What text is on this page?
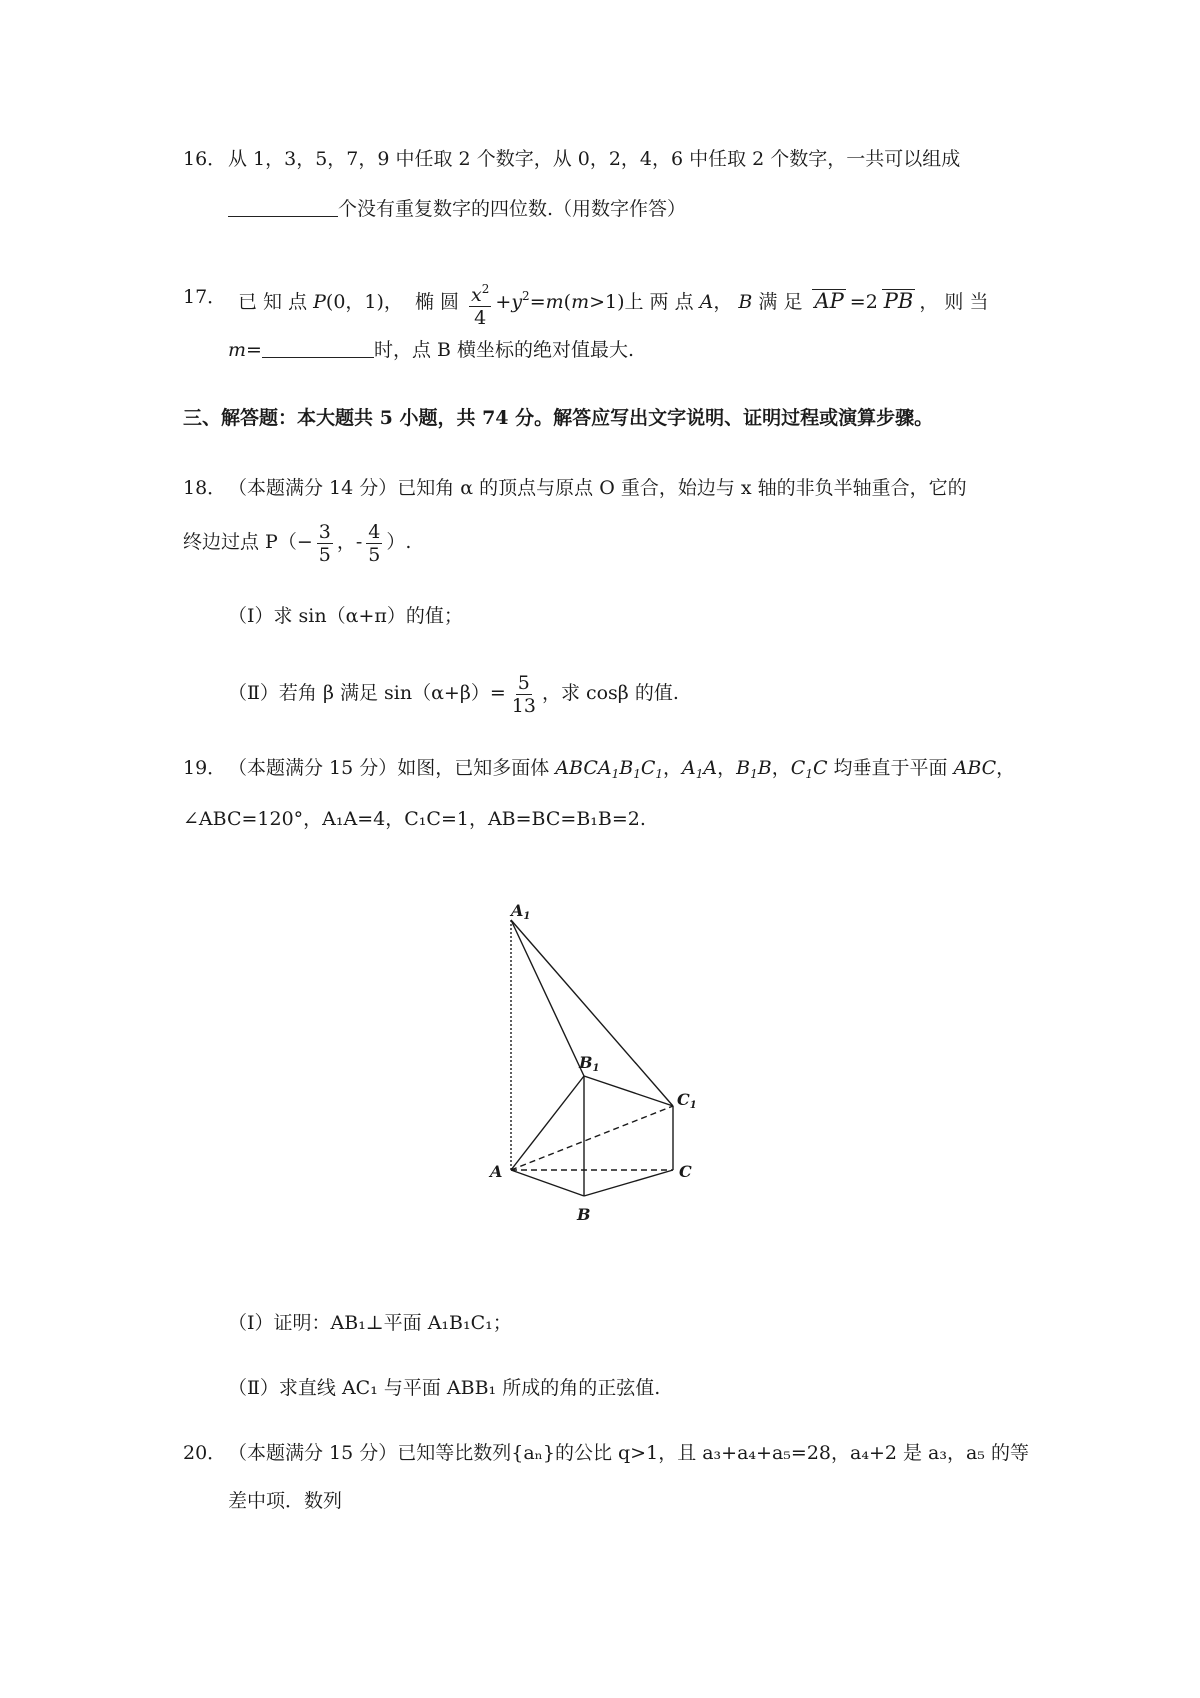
16． 从 1，3，5，7，9 中任取 2 个数字，从 0，2，4，6 中任取 2 个数字，一共可以组成
个没有重复数字的四位数.（用数字作答）
17． 已 知 点 P(0，1)， 椭 圆 $\frac{x^2}{4} +y^2=m(m>1)$上 两 点 A， B 满 足 AP =2 PB ， 则 当
m=	时，点 B 横坐标的绝对值最大.
三、解答题：本大题共 5 小题，共 74 分。解答应写出文字说明、证明过程或演算步骤。
18． （本题满分 14 分）已知角 α 的顶点与原点 O 重合，始边与 x 轴的非负半轴重合，它的
终边过点 $P(- \frac{3}{5}$ ，- $\frac{4}{5}$ ）.
（Ⅰ）求 sin（α+π）的值；
（Ⅱ）若角 β 满足 $\sin(\alpha+\beta)= \frac{5}{13}$ ，求 cosβ 的值.
19． （本题满分 15 分）如图，已知多面体 $ABCA_1B_1C_1$，$A_1A$，$B_1B$，$C_1C$ 均垂直于平面 ABC，
∠ABC=120°，A₁A=4，C₁C=1，AB=BC=B₁B=2.
A1
B1
C1
A
B
C
（Ⅰ）证明：AB₁⊥平面 A₁B₁C₁；
（Ⅱ）求直线 AC₁ 与平面 ABB₁ 所成的角的正弦值.
20． （本题满分 15 分）已知等比数列{aₙ}的公比 q>1，且 a₃+a₄+a₅=28，a₄+2 是 a₃，a₅ 的等
差中项．数列
